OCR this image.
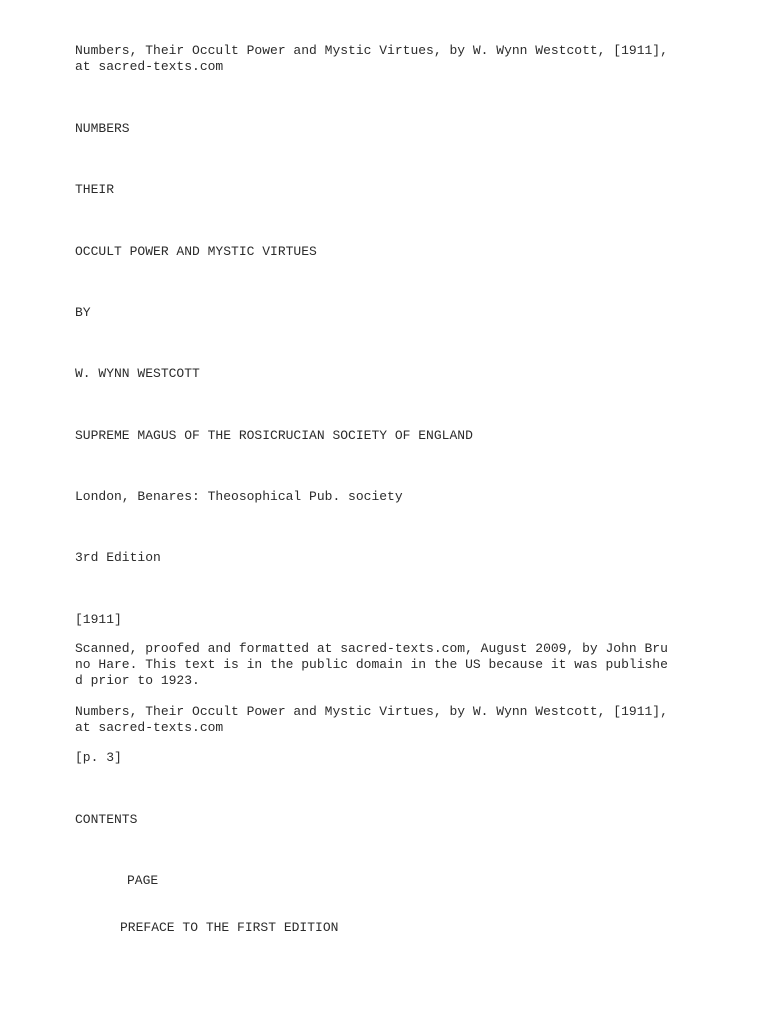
Numbers, Their Occult Power and Mystic Virtues, by W. Wynn Westcott, [1911], at sacred-texts.com
NUMBERS
THEIR
OCCULT POWER AND MYSTIC VIRTUES
BY
W. WYNN WESTCOTT
SUPREME MAGUS OF THE ROSICRUCIAN SOCIETY OF ENGLAND
London, Benares: Theosophical Pub. society
3rd Edition
[1911]
Scanned, proofed and formatted at sacred-texts.com, August 2009, by John Bruno Hare. This text is in the public domain in the US because it was published prior to 1923.
Numbers, Their Occult Power and Mystic Virtues, by W. Wynn Westcott, [1911], at sacred-texts.com
[p. 3]
CONTENTS
PAGE
PREFACE TO THE FIRST EDITION
